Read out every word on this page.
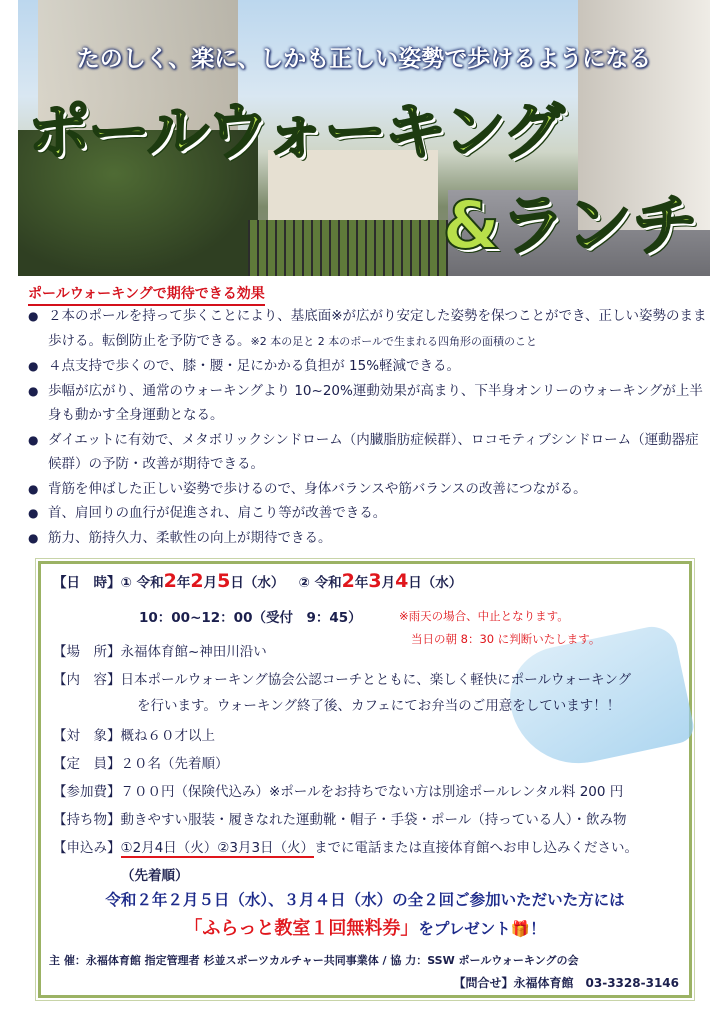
たのしく、楽に、しかも正しい姿勢で歩けるようになる
ポールウォーキング
&ランチ
ポールウォーキングで期待できる効果
● ２本のポールを持って歩くことにより、基底面※が広がり安定した姿勢を保つことができ、正しい姿勢のまま歩ける。転倒防止を予防できる。※2 本の足と 2 本のポールで生まれる四角形の面積のこと
● ４点支持で歩くので、膝・腰・足にかかる負担が 15%軽減できる。
● 歩幅が広がり、通常のウォーキングより 10~20%運動効果が高まり、下半身オンリーのウォーキングが上半身も動かす全身運動となる。
● ダイエットに有効で、メタボリックシンドローム（内臓脂肪症候群）、ロコモティブシンドローム（運動器症候群）の予防・改善が期待できる。
● 背筋を伸ばした正しい姿勢で歩けるので、身体バランスや筋バランスの改善につながる。
● 首、肩回りの血行が促進され、肩こり等が改善できる。
● 筋力、筋持久力、柔軟性の向上が期待できる。
【日　時】① 令和2年2月5日（水） ② 令和2年3月4日（水）
10：00~12：00（受付　9：45）	※雨天の場合、中止となります。
当日の朝 8：30 に判断いたします。
【場　所】永福体育館~神田川沿い
【内　容】日本ポールウォーキング協会公認コーチとともに、楽しく軽快にポールウォーキング
を行います。ウォーキング終了後、カフェにてお弁当のご用意をしています！！
【対　象】概ね６０才以上
【定　員】２０名（先着順）
【参加費】７００円（保険代込み）※ポールをお持ちでない方は別途ポールレンタル料 200 円
【持ち物】動きやすい服装・履きなれた運動靴・帽子・手袋・ポール（持っている人）・飲み物
【申込み】①2月4日（火）②3月3日（火）までに電話または直接体育館へお申し込みください。
（先着順）
令和２年２月５日（水）、３月４日（水）の全２回ご参加いただいた方には
「ふらっと教室１回無料券」をプレゼント🎁！
主 催：永福体育館 指定管理者 杉並スポーツカルチャー共同事業体 / 協 力：SSW ポールウォーキングの会
【問合せ】永福体育館　03-3328-3146
